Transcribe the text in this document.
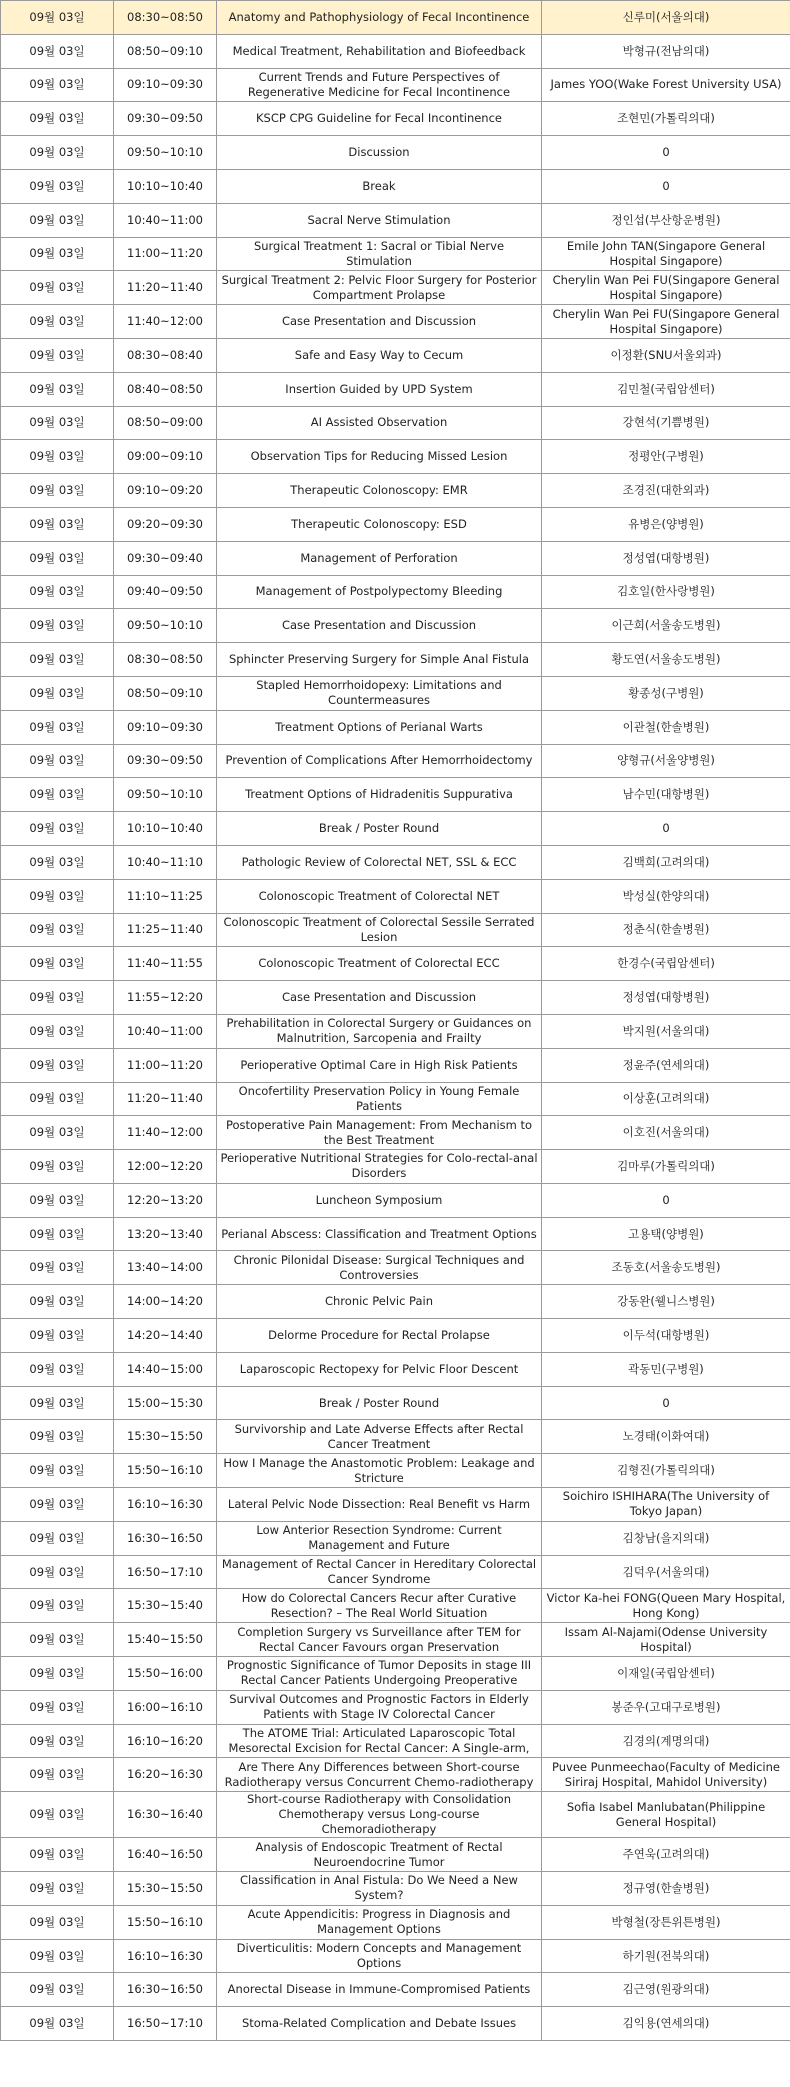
09월 03일	08:30~08:50	Anatomy and Pathophysiology of Fecal Incontinence	신루미(서울의대)
09월 03일	08:50~09:10	Medical Treatment, Rehabilitation and Biofeedback	박형규(전남의대)
09월 03일	09:10~09:30	Current Trends and Future Perspectives of Regenerative Medicine for Fecal Incontinence	James YOO(Wake Forest University USA)
09월 03일	09:30~09:50	KSCP CPG Guideline for Fecal Incontinence	조현민(가톨릭의대)
09월 03일	09:50~10:10	Discussion	0
09월 03일	10:10~10:40	Break	0
09월 03일	10:40~11:00	Sacral Nerve Stimulation	정인섭(부산항운병원)
09월 03일	11:00~11:20	Surgical Treatment 1: Sacral or Tibial Nerve Stimulation	Emile John TAN(Singapore General Hospital Singapore)
09월 03일	11:20~11:40	Surgical Treatment 2: Pelvic Floor Surgery for Posterior Compartment Prolapse	Cherylin Wan Pei FU(Singapore General Hospital Singapore)
09월 03일	11:40~12:00	Case Presentation and Discussion	Cherylin Wan Pei FU(Singapore General Hospital Singapore)
09월 03일	08:30~08:40	Safe and Easy Way to Cecum	이정환(SNU서울외과)
09월 03일	08:40~08:50	Insertion Guided by UPD System	김민철(국립암센터)
09월 03일	08:50~09:00	AI Assisted Observation	강현석(기쁨병원)
09월 03일	09:00~09:10	Observation Tips for Reducing Missed Lesion	정평안(구병원)
09월 03일	09:10~09:20	Therapeutic Colonoscopy: EMR	조경진(대한외과)
09월 03일	09:20~09:30	Therapeutic Colonoscopy: ESD	유병은(양병원)
09월 03일	09:30~09:40	Management of Perforation	정성엽(대항병원)
09월 03일	09:40~09:50	Management of Postpolypectomy Bleeding	김호일(한사랑병원)
09월 03일	09:50~10:10	Case Presentation and Discussion	이근희(서울송도병원)
09월 03일	08:30~08:50	Sphincter Preserving Surgery for Simple Anal Fistula	황도연(서울송도병원)
09월 03일	08:50~09:10	Stapled Hemorrhoidopexy: Limitations and Countermeasures	황종성(구병원)
09월 03일	09:10~09:30	Treatment Options of Perianal Warts	이관철(한솔병원)
09월 03일	09:30~09:50	Prevention of Complications After Hemorrhoidectomy	양형규(서울양병원)
09월 03일	09:50~10:10	Treatment Options of Hidradenitis Suppurativa	남수민(대항병원)
09월 03일	10:10~10:40	Break / Poster Round	0
09월 03일	10:40~11:10	Pathologic Review of Colorectal NET, SSL & ECC	김백희(고려의대)
09월 03일	11:10~11:25	Colonoscopic Treatment of Colorectal NET	박성실(한양의대)
09월 03일	11:25~11:40	Colonoscopic Treatment of Colorectal Sessile Serrated Lesion	정춘식(한솔병원)
09월 03일	11:40~11:55	Colonoscopic Treatment of Colorectal ECC	한경수(국립암센터)
09월 03일	11:55~12:20	Case Presentation and Discussion	정성엽(대항병원)
09월 03일	10:40~11:00	Prehabilitation in Colorectal Surgery or Guidances on Malnutrition, Sarcopenia and Frailty	박지원(서울의대)
09월 03일	11:00~11:20	Perioperative Optimal Care in High Risk Patients	정윤주(연세의대)
09월 03일	11:20~11:40	Oncofertility Preservation Policy in Young Female Patients	이상훈(고려의대)
09월 03일	11:40~12:00	Postoperative Pain Management: From Mechanism to the Best Treatment	이호진(서울의대)
09월 03일	12:00~12:20	Perioperative Nutritional Strategies for Colo-rectal-anal Disorders	김마루(가톨릭의대)
09월 03일	12:20~13:20	Luncheon Symposium	0
09월 03일	13:20~13:40	Perianal Abscess: Classification and Treatment Options	고용택(양병원)
09월 03일	13:40~14:00	Chronic Pilonidal Disease: Surgical Techniques and Controversies	조동호(서울송도병원)
09월 03일	14:00~14:20	Chronic Pelvic Pain	강동완(웰니스병원)
09월 03일	14:20~14:40	Delorme Procedure for Rectal Prolapse	이두석(대항병원)
09월 03일	14:40~15:00	Laparoscopic Rectopexy for Pelvic Floor Descent	곽동민(구병원)
09월 03일	15:00~15:30	Break / Poster Round	0
09월 03일	15:30~15:50	Survivorship and Late Adverse Effects after Rectal Cancer Treatment	노경태(이화여대)
09월 03일	15:50~16:10	How I Manage the Anastomotic Problem: Leakage and Stricture	김형진(가톨릭의대)
09월 03일	16:10~16:30	Lateral Pelvic Node Dissection: Real Benefit vs Harm	Soichiro ISHIHARA(The University of Tokyo Japan)
09월 03일	16:30~16:50	Low Anterior Resection Syndrome: Current Management and Future	김창남(을지의대)
09월 03일	16:50~17:10	Management of Rectal Cancer in Hereditary Colorectal Cancer Syndrome	김덕우(서울의대)
09월 03일	15:30~15:40	How do Colorectal Cancers Recur after Curative Resection? – The Real World Situation	Victor Ka-hei FONG(Queen Mary Hospital, Hong Kong)
09월 03일	15:40~15:50	Completion Surgery vs Surveillance after TEM for Rectal Cancer Favours organ Preservation	Issam Al-Najami(Odense University Hospital)
09월 03일	15:50~16:00	Prognostic Significance of Tumor Deposits in stage III Rectal Cancer Patients Undergoing Preoperative	이재일(국립암센터)
09월 03일	16:00~16:10	Survival Outcomes and Prognostic Factors in Elderly Patients with Stage IV Colorectal Cancer	봉준우(고대구로병원)
09월 03일	16:10~16:20	The ATOME Trial: Articulated Laparoscopic Total Mesorectal Excision for Rectal Cancer: A Single-arm,	김경의(계명의대)
09월 03일	16:20~16:30	Are There Any Differences between Short-course Radiotherapy versus Concurrent Chemo-radiotherapy	Puvee Punmeechao(Faculty of Medicine Siriraj Hospital, Mahidol University)
09월 03일	16:30~16:40	Short-course Radiotherapy with Consolidation Chemotherapy versus Long-course Chemoradiotherapy	Sofia Isabel Manlubatan(Philippine General Hospital)
09월 03일	16:40~16:50	Analysis of Endoscopic Treatment of Rectal Neuroendocrine Tumor	주연욱(고려의대)
09월 03일	15:30~15:50	Classification in Anal Fistula: Do We Need a New System?	정규영(한솔병원)
09월 03일	15:50~16:10	Acute Appendicitis: Progress in Diagnosis and Management Options	박형철(장튼위튼병원)
09월 03일	16:10~16:30	Diverticulitis: Modern Concepts and Management Options	하기원(전북의대)
09월 03일	16:30~16:50	Anorectal Disease in Immune-Compromised Patients	김근영(원광의대)
09월 03일	16:50~17:10	Stoma-Related Complication and Debate Issues	김익용(연세의대)
